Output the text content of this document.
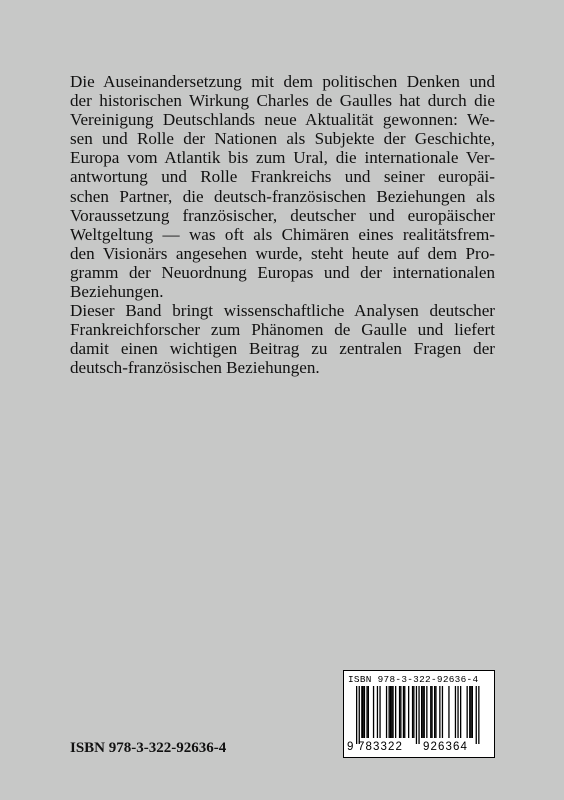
Die Auseinandersetzung mit dem politischen Denken und
der historischen Wirkung Charles de Gaulles hat durch die
Vereinigung Deutschlands neue Aktualität gewonnen: We-
sen und Rolle der Nationen als Subjekte der Geschichte,
Europa vom Atlantik bis zum Ural, die internationale Ver-
antwortung und Rolle Frankreichs und seiner europäi-
schen Partner, die deutsch-französischen Beziehungen als
Voraussetzung französischer, deutscher und europäischer
Weltgeltung — was oft als Chimären eines realitätsfrem-
den Visionärs angesehen wurde, steht heute auf dem Pro-
gramm der Neuordnung Europas und der internationalen
Beziehungen.
Dieser Band bringt wissenschaftliche Analysen deutscher
Frankreichforscher zum Phänomen de Gaulle und liefert
damit einen wichtigen Beitrag zu zentralen Fragen der
deutsch-französischen Beziehungen.
ISBN 978-3-322-92636-4
ISBN 978-3-322-92636-4
9 783322 926364
